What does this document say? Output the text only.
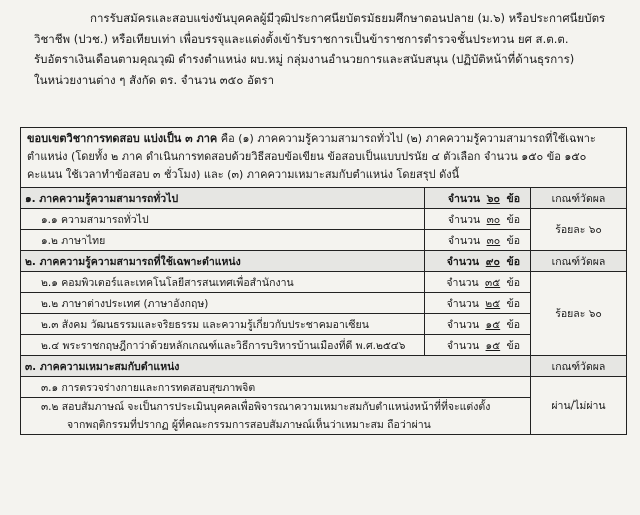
การรับสมัครและสอบแข่งขันบุคคลผู้มีวุฒิประกาศนียบัตรมัธยมศึกษาตอนปลาย (ม.๖) หรือประกาศนียบัตร
วิชาชีพ (ปวช.) หรือเทียบเท่า เพื่อบรรจุและแต่งตั้งเข้ารับราชการเป็นข้าราชการตำรวจชั้นประทวน ยศ ส.ต.ต.
รับอัตราเงินเดือนตามคุณวุฒิ ดำรงตำแหน่ง ผบ.หมู่ กลุ่มงานอำนวยการและสนับสนุน (ปฏิบัติหน้าที่ด้านธุรการ)
ในหน่วยงานต่าง ๆ สังกัด ตร. จำนวน ๓๕๐ อัตรา
ขอบเขตวิชาการทดสอบ แบ่งเป็น ๓ ภาค คือ (๑) ภาคความรู้ความสามารถทั่วไป (๒) ภาคความรู้ความสามารถที่ใช้เฉพาะตำแหน่ง (โดยทั้ง ๒ ภาค ดำเนินการทดสอบด้วยวิธีสอบข้อเขียน ข้อสอบเป็นแบบปรนัย ๔ ตัวเลือก จำนวน ๑๕๐ ข้อ ๑๕๐ คะแนน ใช้เวลาทำข้อสอบ ๓ ชั่วโมง) และ (๓) ภาคความเหมาะสมกับตำแหน่ง โดยสรุป ดังนี้		
๑. ภาคความรู้ความสามารถทั่วไป	จำนวน ๖๐ ข้อ	เกณฑ์วัดผล
๑.๑ ความสามารถทั่วไป	จำนวน ๓๐ ข้อ	ร้อยละ ๖๐
๑.๒ ภาษาไทย	จำนวน ๓๐ ข้อ	
๒. ภาคความรู้ความสามารถที่ใช้เฉพาะตำแหน่ง	จำนวน ๙๐ ข้อ	เกณฑ์วัดผล
๒.๑ คอมพิวเตอร์และเทคโนโลยีสารสนเทศเพื่อสำนักงาน	จำนวน ๓๕ ข้อ	ร้อยละ ๖๐
๒.๒ ภาษาต่างประเทศ (ภาษาอังกฤษ)	จำนวน ๒๕ ข้อ	
๒.๓ สังคม วัฒนธรรมและจริยธรรม และความรู้เกี่ยวกับประชาคมอาเซียน	จำนวน ๑๕ ข้อ	
๒.๔ พระราชกฤษฎีกาว่าด้วยหลักเกณฑ์และวิธีการบริหารบ้านเมืองที่ดี พ.ศ.๒๕๔๖	จำนวน ๑๕ ข้อ	
๓. ภาคความเหมาะสมกับตำแหน่ง		เกณฑ์วัดผล
๓.๑ การตรวจร่างกายและการทดสอบสุขภาพจิต		ผ่าน/ไม่ผ่าน
๓.๒ สอบสัมภาษณ์ จะเป็นการประเมินบุคคลเพื่อพิจารณาความเหมาะสมกับตำแหน่งหน้าที่ที่จะแต่งตั้ง
จากพฤติกรรมที่ปรากฏ ผู้ที่คณะกรรมการสอบสัมภาษณ์เห็นว่าเหมาะสม ถือว่าผ่าน		
